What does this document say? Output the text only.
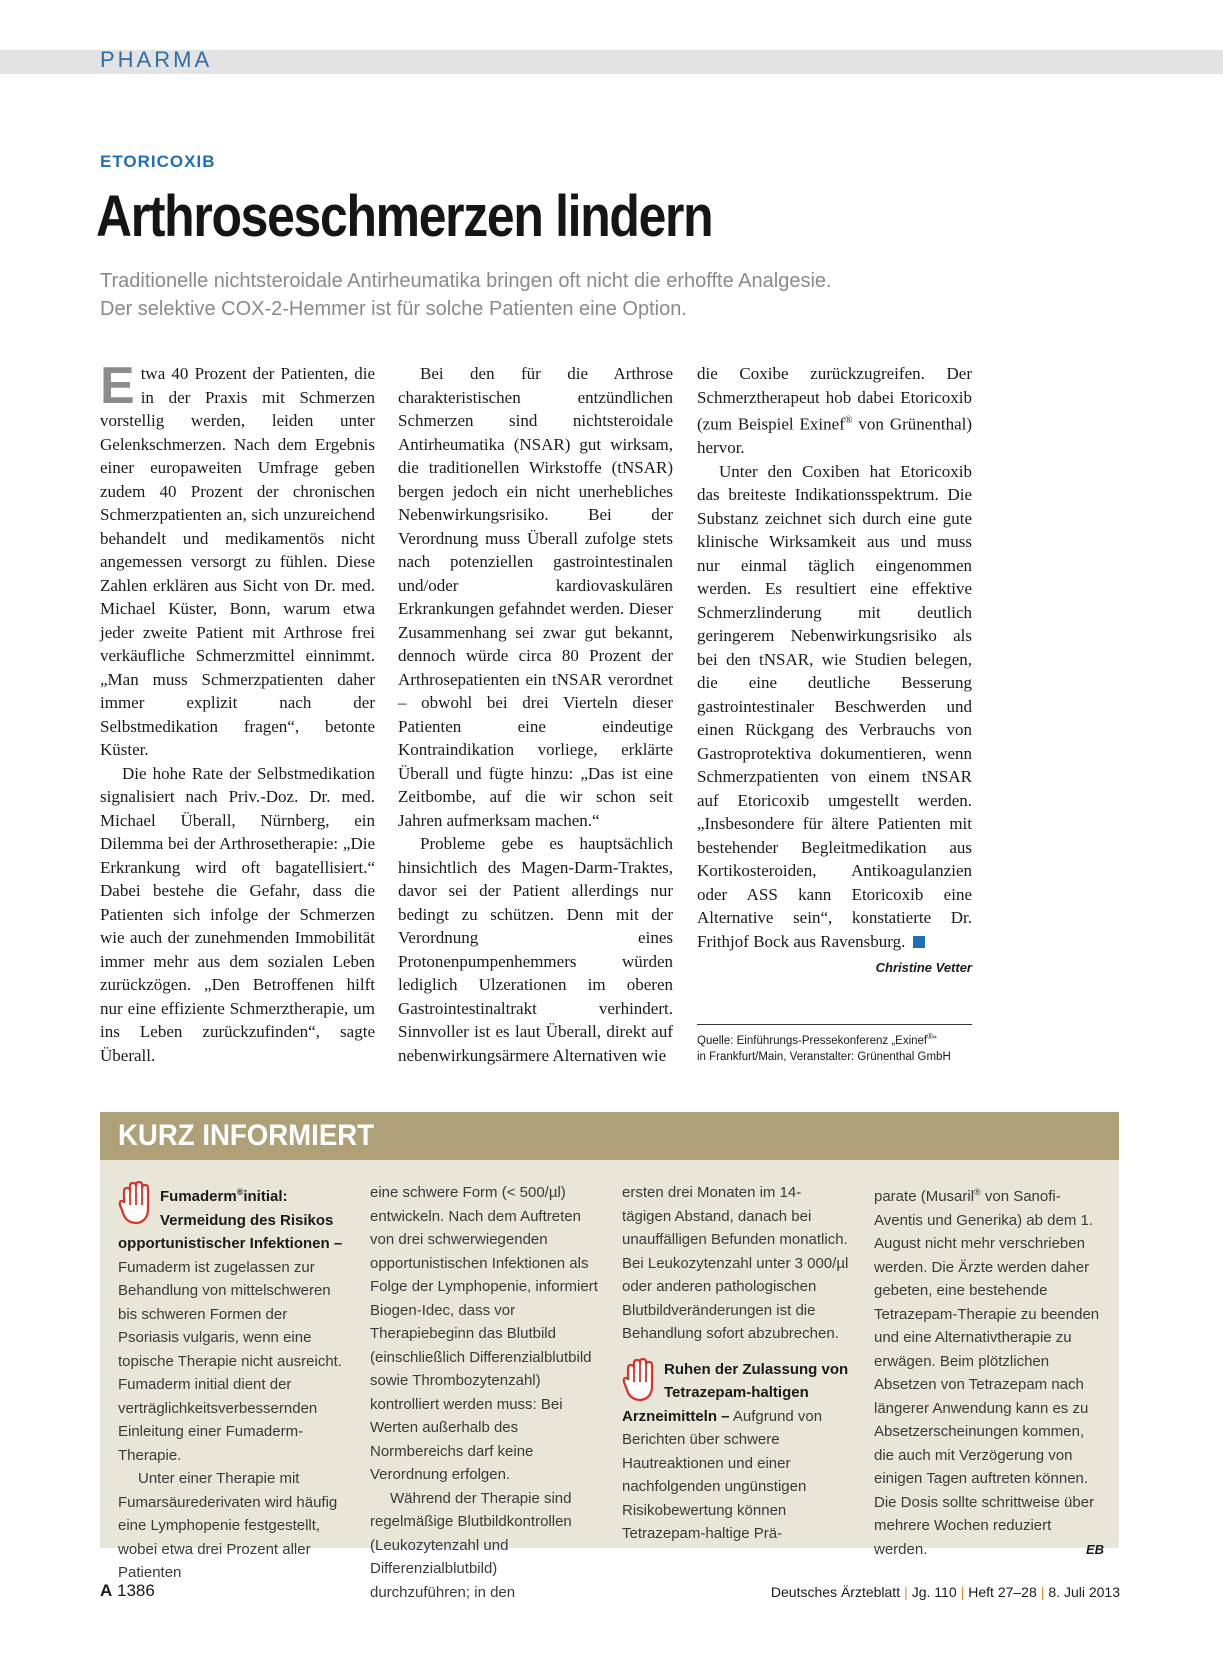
PHARMA
ETORICOXIB
Arthroseschmerzen lindern
Traditionelle nichtsteroidale Antirheumatika bringen oft nicht die erhoffte Analgesie.
Der selektive COX-2-Hemmer ist für solche Patienten eine Option.

Etwa 40 Prozent der Patienten, die in der Praxis mit Schmerzen vorstellig werden, leiden unter Gelenkschmerzen. Nach dem Ergebnis einer europaweiten Umfrage geben zudem 40 Prozent der chronischen Schmerzpatienten an, sich unzureichend behandelt und medikamentös nicht angemessen versorgt zu fühlen. Diese Zahlen erklären aus Sicht von Dr. med. Michael Küster, Bonn, warum etwa jeder zweite Patient mit Arthrose frei verkäufliche Schmerzmittel einnimmt. „Man muss Schmerzpatienten daher immer explizit nach der Selbstmedikation fragen“, betonte Küster.

Die hohe Rate der Selbstmedikation signalisiert nach Priv.-Doz. Dr. med. Michael Überall, Nürnberg, ein Dilemma bei der Arthrosetherapie: „Die Erkrankung wird oft bagatellisiert.“ Dabei bestehe die Gefahr, dass die Patienten sich infolge der Schmerzen wie auch der zunehmenden Immobilität immer mehr aus dem sozialen Leben zurückzögen. „Den Betroffenen hilft nur eine effiziente Schmerztherapie, um ins Leben zurückzufinden“, sagte Überall.

Bei den für die Arthrose charakteristischen entzündlichen Schmerzen sind nichtsteroidale Antirheumatika (NSAR) gut wirksam, die traditionellen Wirkstoffe (tNSAR) bergen jedoch ein nicht unerhebliches Nebenwirkungsrisiko. Bei der Verordnung muss Überall zufolge stets nach potenziellen gastrointestinalen und/oder kardiovaskulären Erkrankungen gefahndet werden. Dieser Zusammenhang sei zwar gut bekannt, dennoch würde circa 80 Prozent der Arthrosepatienten ein tNSAR verordnet – obwohl bei drei Vierteln dieser Patienten eine eindeutige Kontraindikation vorliege, erklärte Überall und fügte hinzu: „Das ist eine Zeitbombe, auf die wir schon seit Jahren aufmerksam machen.“

Probleme gebe es hauptsächlich hinsichtlich des Magen-Darm-Traktes, davor sei der Patient allerdings nur bedingt zu schützen. Denn mit der Verordnung eines Protonenpumpenhemmers würden lediglich Ulzerationen im oberen Gastrointestinaltrakt verhindert. Sinnvoller ist es laut Überall, direkt auf nebenwirkungsärmere Alternativen wie

die Coxibe zurückzugreifen. Der Schmerztherapeut hob dabei Etoricoxib (zum Beispiel Exinef® von Grünenthal) hervor.

Unter den Coxiben hat Etoricoxib das breiteste Indikationsspektrum. Die Substanz zeichnet sich durch eine gute klinische Wirksamkeit aus und muss nur einmal täglich eingenommen werden. Es resultiert eine effektive Schmerzlinderung mit deutlich geringerem Nebenwirkungsrisiko als bei den tNSAR, wie Studien belegen, die eine deutliche Besserung gastrointestinaler Beschwerden und einen Rückgang des Verbrauchs von Gastroprotektiva dokumentieren, wenn Schmerzpatienten von einem tNSAR auf Etoricoxib umgestellt werden. „Insbesondere für ältere Patienten mit bestehender Begleitmedikation aus Kortikosteroiden, Antikoagulanzien oder ASS kann Etoricoxib eine Alternative sein“, konstatierte Dr. Frithjof Bock aus Ravensburg.

Christine Vetter
Quelle: Einführungs-Pressekonferenz „Exinef®“
in Frankfurt/Main, Veranstalter: Grünenthal GmbH
KURZ INFORMIERT

Fumaderm®initial: Vermeidung des Risikos opportunistischer Infektionen – Fumaderm ist zugelassen zur Behandlung von mittelschweren bis schweren Formen der Psoriasis vulgaris, wenn eine topische Therapie nicht ausreicht. Fumaderm initial dient der verträglichkeitsverbessernden Einleitung einer Fumaderm-Therapie.

Unter einer Therapie mit Fumarsäurederivaten wird häufig eine Lymphopenie festgestellt, wobei etwa drei Prozent aller Patienten

eine schwere Form (< 500/µl) entwickeln. Nach dem Auftreten von drei schwerwiegenden opportunistischen Infektionen als Folge der Lymphopenie, informiert Biogen-Idec, dass vor Therapiebeginn das Blutbild (einschließlich Differenzialblutbild sowie Thrombozytenzahl) kontrolliert werden muss: Bei Werten außerhalb des Normbereichs darf keine Verordnung erfolgen.

Während der Therapie sind regelmäßige Blutbildkontrollen (Leukozytenzahl und Differenzialblutbild) durchzuführen; in den

ersten drei Monaten im 14-tägigen Abstand, danach bei unauffälligen Befunden monatlich. Bei Leukozytenzahl unter 3 000/µl oder anderen pathologischen Blutbildveränderungen ist die Behandlung sofort abzubrechen.

Ruhen der Zulassung von Tetrazepam-haltigen Arzneimitteln – Aufgrund von Berichten über schwere Hautreaktionen und einer nachfolgenden ungünstigen Risikobewertung können Tetrazepam-haltige Prä-

parate (Musaril® von Sanofi-Aventis und Generika) ab dem 1. August nicht mehr verschrieben werden. Die Ärzte werden daher gebeten, eine bestehende Tetrazepam-Therapie zu beenden und eine Alternativtherapie zu erwägen. Beim plötzlichen Absetzen von Tetrazepam nach längerer Anwendung kann es zu Absetzerscheinungen kommen, die auch mit Verzögerung von einigen Tagen auftreten können. Die Dosis sollte schrittweise über mehrere Wochen reduziert werden.	EB

A 1386	Deutsches Ärzteblatt | Jg. 110 | Heft 27–28 | 8. Juli 2013
